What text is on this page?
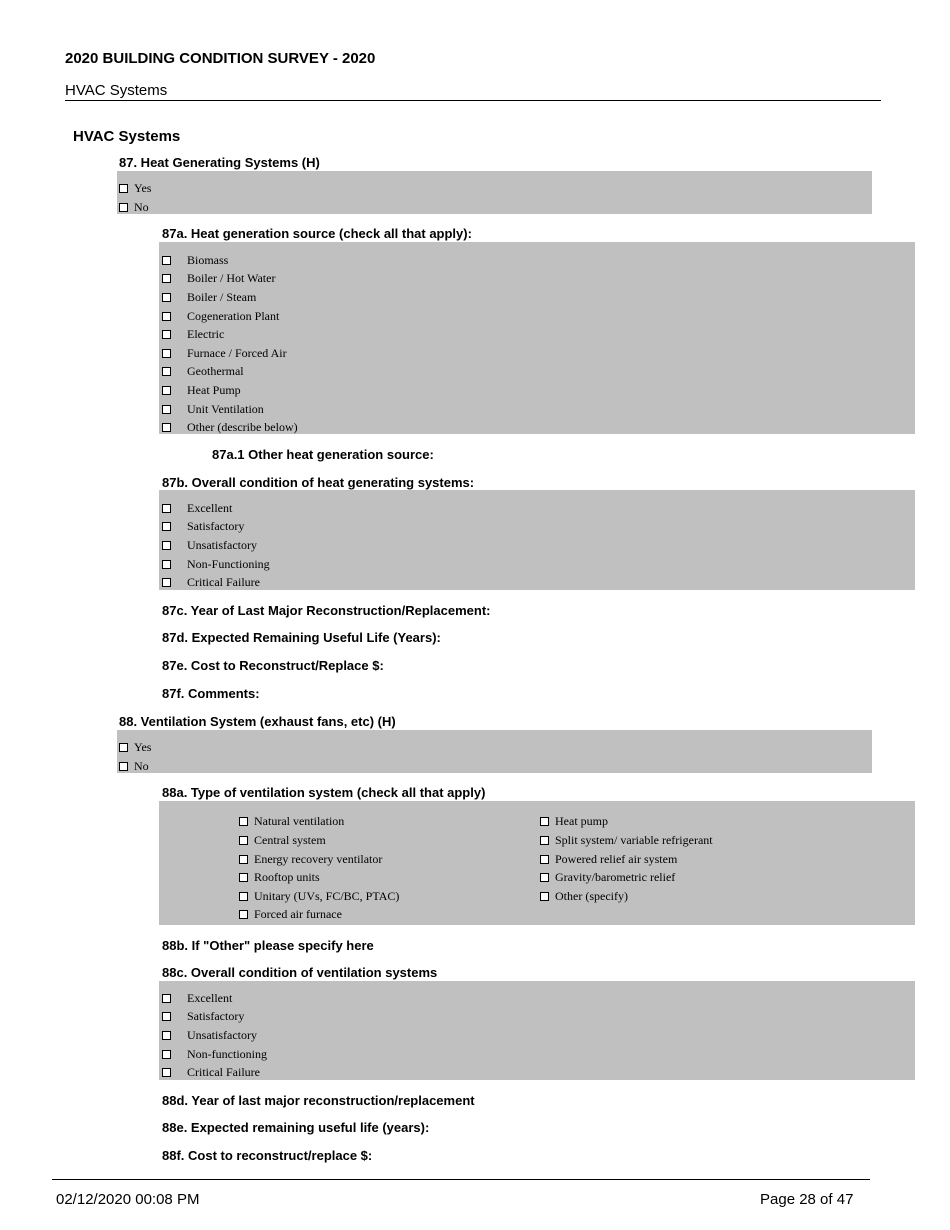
2020 BUILDING CONDITION SURVEY - 2020
HVAC Systems
HVAC Systems
87. Heat Generating Systems (H)
Yes
No
87a. Heat generation source (check all that apply):
Biomass
Boiler / Hot Water
Boiler / Steam
Cogeneration Plant
Electric
Furnace / Forced Air
Geothermal
Heat Pump
Unit Ventilation
Other (describe below)
87a.1 Other heat generation source:
87b. Overall condition of heat generating systems:
Excellent
Satisfactory
Unsatisfactory
Non-Functioning
Critical Failure
87c. Year of Last Major Reconstruction/Replacement:
87d. Expected Remaining Useful Life (Years):
87e. Cost to Reconstruct/Replace $:
87f. Comments:
88. Ventilation System (exhaust fans, etc) (H)
Yes
No
88a. Type of ventilation system (check all that apply)
Natural ventilation
Central system
Energy recovery ventilator
Rooftop units
Unitary (UVs, FC/BC, PTAC)
Forced air furnace
Heat pump
Split system/ variable refrigerant
Powered relief air system
Gravity/barometric relief
Other (specify)
88b. If "Other" please specify here
88c. Overall condition of ventilation systems
Excellent
Satisfactory
Unsatisfactory
Non-functioning
Critical Failure
88d. Year of last major reconstruction/replacement
88e. Expected remaining useful life (years):
88f. Cost to reconstruct/replace $:
02/12/2020 00:08 PM	Page 28 of 47
